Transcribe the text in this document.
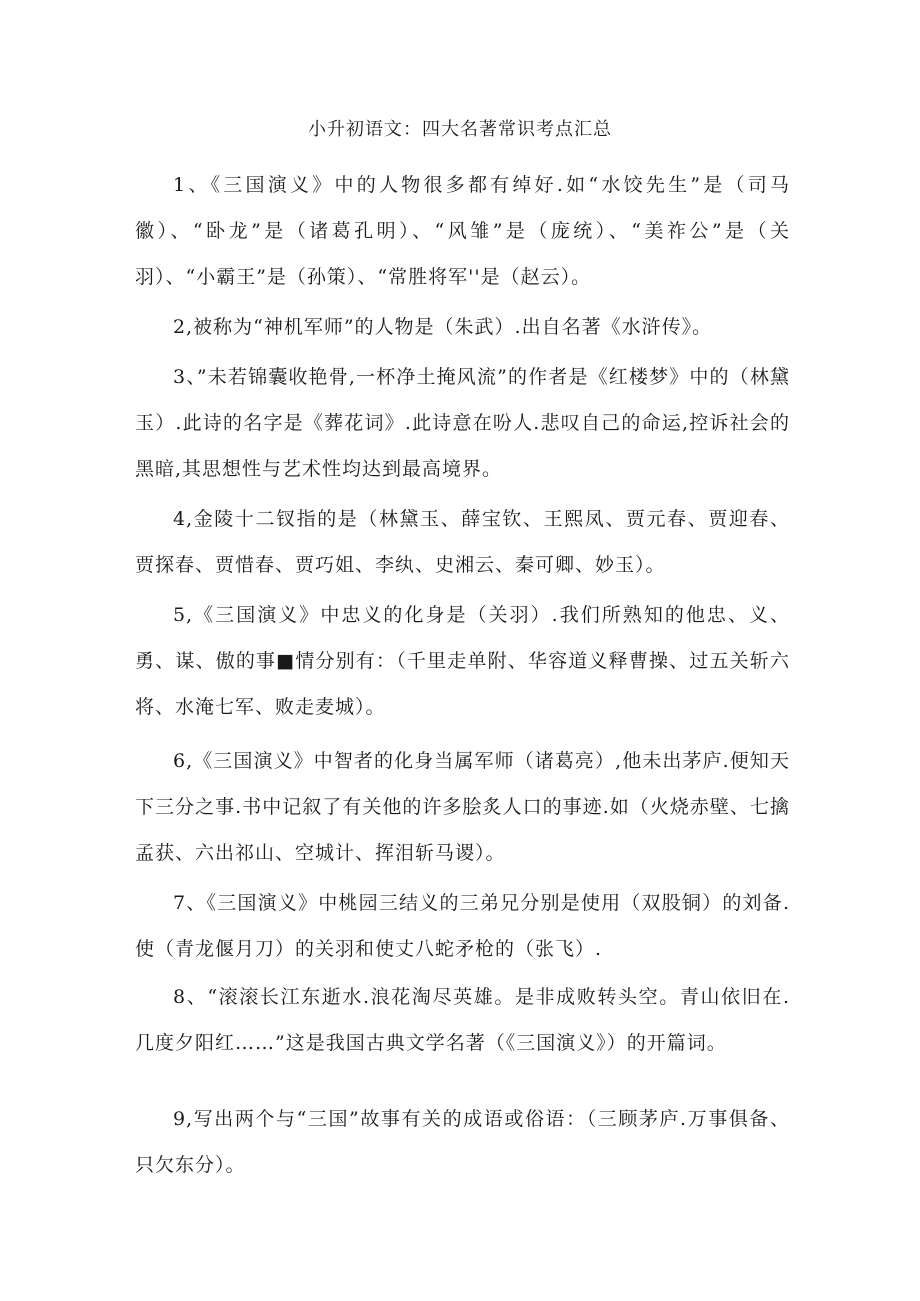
小升初语文：四大名著常识考点汇总

1、《三国演义》中的人物很多都有绰好.如“水饺先生”是（司马徽）、“卧龙”是（诸葛孔明）、“风雏”是（庞统）、“美祚公”是（关羽）、“小霸王”是（孙策）、“常胜将军''是（赵云）。

2,被称为“神机军师”的人物是（朱武）.出自名著《水浒传》。

3、”未若锦囊收艳骨,一杯净土掩风流”的作者是《红楼梦》中的（林黛玉）.此诗的名字是《葬花词》.此诗意在吩人.悲叹自己的命运,控诉社会的黑暗,其思想性与艺术性均达到最高境界。

4,金陵十二钗指的是（林黛玉、薛宝钦、王熙凤、贾元春、贾迎春、贾探春、贾惜春、贾巧姐、李纨、史湘云、秦可卿、妙玉）。

5,《三国演义》中忠义的化身是（关羽）.我们所熟知的他忠、义、勇、谋、傲的事■情分别有：（千里走单附、华容道义释曹操、过五关斩六将、水淹七军、败走麦城）。

6,《三国演义》中智者的化身当属军师（诸葛亮）,他未出茅庐.便知天下三分之事.书中记叙了有关他的许多脍炙人口的事迹.如（火烧赤壁、七擒孟获、六出祁山、空城计、挥泪斩马谡）。

7、《三国演义》中桃园三结义的三弟兄分别是使用（双股铜）的刘备.使（青龙偃月刀）的关羽和使丈八蛇矛枪的（张飞）.

8、“滚滚长江东逝水.浪花淘尽英雄。是非成败转头空。青山依旧在.几度夕阳红……”这是我国古典文学名著（《三国演义》）的开篇词。

9,写出两个与“三国”故事有关的成语或俗语：（三顾茅庐.万事俱备、只欠东分）。
